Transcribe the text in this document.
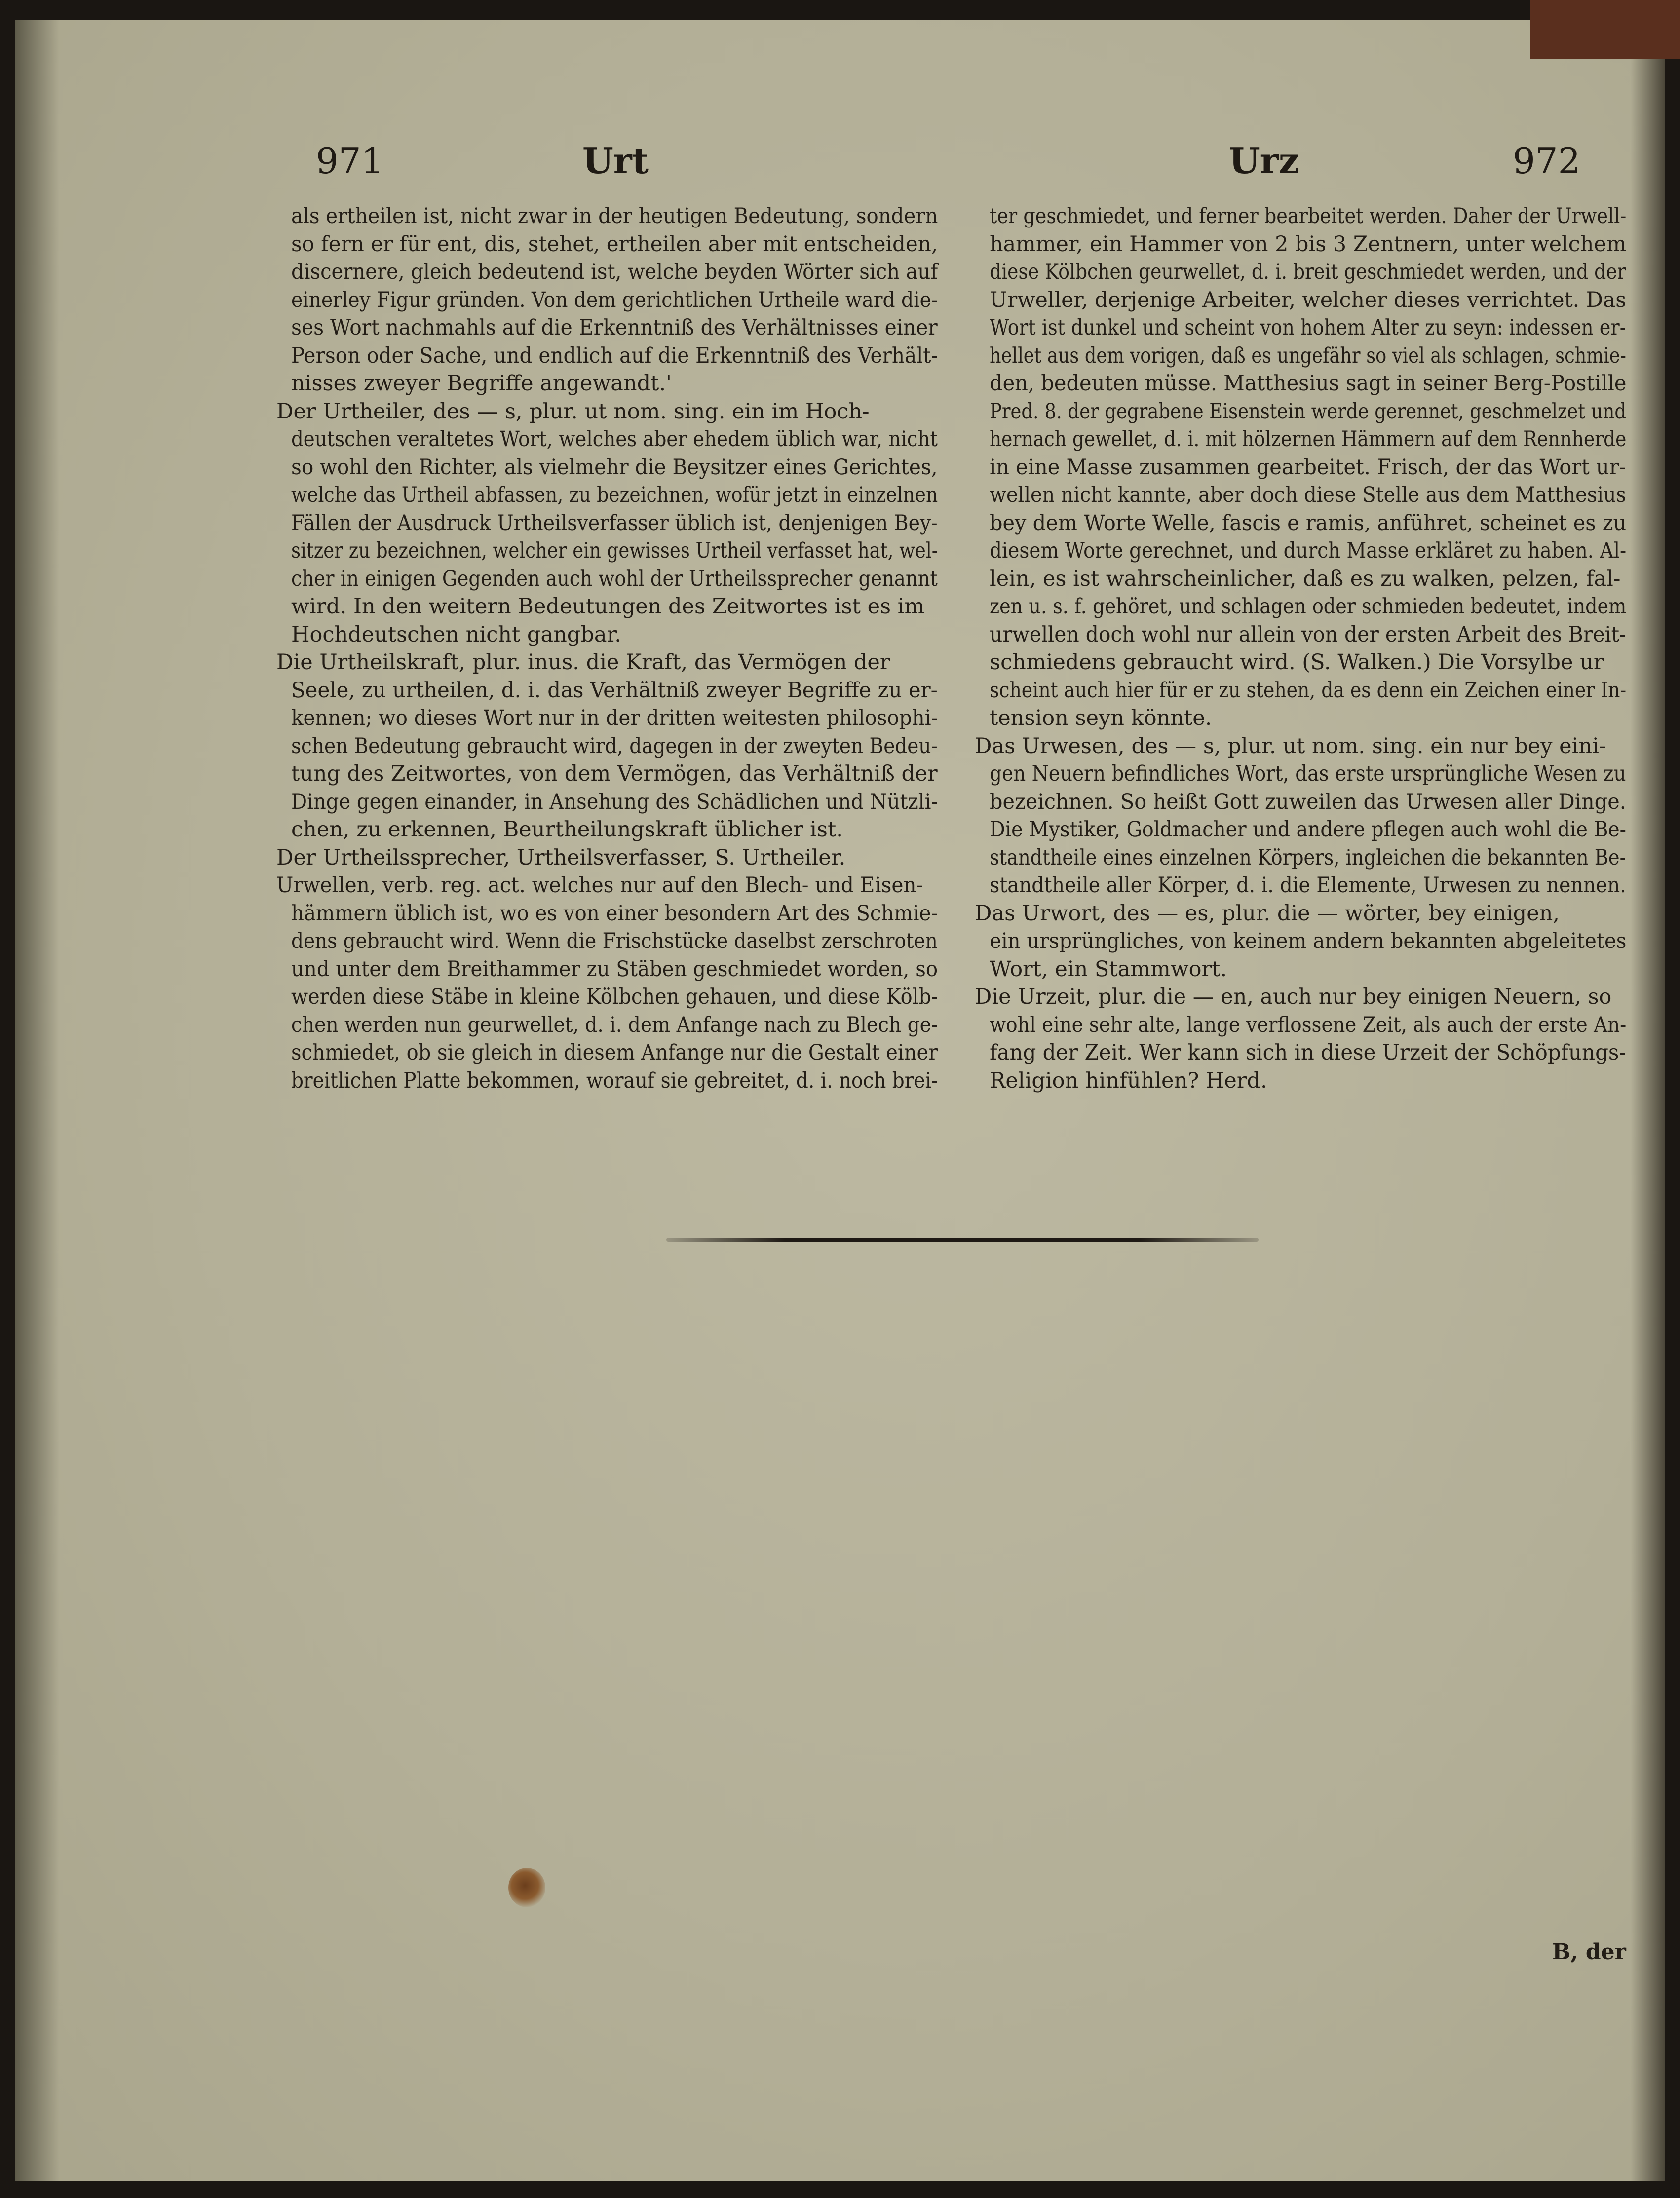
971	Urt	Urz	972
als ertheilen ist, nicht zwar in der heutigen Bedeutung, sondern
so fern er für ent, dis, stehet, ertheilen aber mit entscheiden,
discernere, gleich bedeutend ist, welche beyden Wörter sich auf
einerley Figur gründen. Von dem gerichtlichen Urtheile ward die-
ses Wort nachmahls auf die Erkenntniß des Verhältnisses einer
Person oder Sache, und endlich auf die Erkenntniß des Verhält-
nisses zweyer Begriffe angewandt.'
Der Urtheiler, des — s, plur. ut nom. sing. ein im Hoch-
deutschen veraltetes Wort, welches aber ehedem üblich war, nicht
so wohl den Richter, als vielmehr die Beysitzer eines Gerichtes,
welche das Urtheil abfassen, zu bezeichnen, wofür jetzt in einzelnen
Fällen der Ausdruck Urtheilsverfasser üblich ist, denjenigen Bey-
sitzer zu bezeichnen, welcher ein gewisses Urtheil verfasset hat, wel-
cher in einigen Gegenden auch wohl der Urtheilssprecher genannt
wird. In den weitern Bedeutungen des Zeitwortes ist es im
Hochdeutschen nicht gangbar.
Die Urtheilskraft, plur. inus. die Kraft, das Vermögen der
Seele, zu urtheilen, d. i. das Verhältniß zweyer Begriffe zu er-
kennen; wo dieses Wort nur in der dritten weitesten philosophi-
schen Bedeutung gebraucht wird, dagegen in der zweyten Bedeu-
tung des Zeitwortes, von dem Vermögen, das Verhältniß der
Dinge gegen einander, in Ansehung des Schädlichen und Nützli-
chen, zu erkennen, Beurtheilungskraft üblicher ist.
Der Urtheilssprecher, Urtheilsverfasser, S. Urtheiler.
Urwellen, verb. reg. act. welches nur auf den Blech- und Eisen-
hämmern üblich ist, wo es von einer besondern Art des Schmie-
dens gebraucht wird. Wenn die Frischstücke daselbst zerschroten
und unter dem Breithammer zu Stäben geschmiedet worden, so
werden diese Stäbe in kleine Kölbchen gehauen, und diese Kölb-
chen werden nun geurwellet, d. i. dem Anfange nach zu Blech ge-
schmiedet, ob sie gleich in diesem Anfange nur die Gestalt einer
breitlichen Platte bekommen, worauf sie gebreitet, d. i. noch brei-
ter geschmiedet, und ferner bearbeitet werden. Daher der Urwell-
hammer, ein Hammer von 2 bis 3 Zentnern, unter welchem
diese Kölbchen geurwellet, d. i. breit geschmiedet werden, und der
Urweller, derjenige Arbeiter, welcher dieses verrichtet. Das
Wort ist dunkel und scheint von hohem Alter zu seyn: indessen er-
hellet aus dem vorigen, daß es ungefähr so viel als schlagen, schmie-
den, bedeuten müsse. Matthesius sagt in seiner Berg-Postille
Pred. 8. der gegrabene Eisenstein werde gerennet, geschmelzet und
hernach gewellet, d. i. mit hölzernen Hämmern auf dem Rennherde
in eine Masse zusammen gearbeitet. Frisch, der das Wort ur-
wellen nicht kannte, aber doch diese Stelle aus dem Matthesius
bey dem Worte Welle, fascis e ramis, anführet, scheinet es zu
diesem Worte gerechnet, und durch Masse erkläret zu haben. Al-
lein, es ist wahrscheinlicher, daß es zu walken, pelzen, fal-
zen u. s. f. gehöret, und schlagen oder schmieden bedeutet, indem
urwellen doch wohl nur allein von der ersten Arbeit des Breit-
schmiedens gebraucht wird. (S. Walken.) Die Vorsylbe ur
scheint auch hier für er zu stehen, da es denn ein Zeichen einer In-
tension seyn könnte.
Das Urwesen, des — s, plur. ut nom. sing. ein nur bey eini-
gen Neuern befindliches Wort, das erste ursprüngliche Wesen zu
bezeichnen. So heißt Gott zuweilen das Urwesen aller Dinge.
Die Mystiker, Goldmacher und andere pflegen auch wohl die Be-
standtheile eines einzelnen Körpers, ingleichen die bekannten Be-
standtheile aller Körper, d. i. die Elemente, Urwesen zu nennen.
Das Urwort, des — es, plur. die — wörter, bey einigen,
ein ursprüngliches, von keinem andern bekannten abgeleitetes
Wort, ein Stammwort.
Die Urzeit, plur. die — en, auch nur bey einigen Neuern, so
wohl eine sehr alte, lange verflossene Zeit, als auch der erste An-
fang der Zeit. Wer kann sich in diese Urzeit der Schöpfungs-
Religion hinfühlen? Herd.
B, der
